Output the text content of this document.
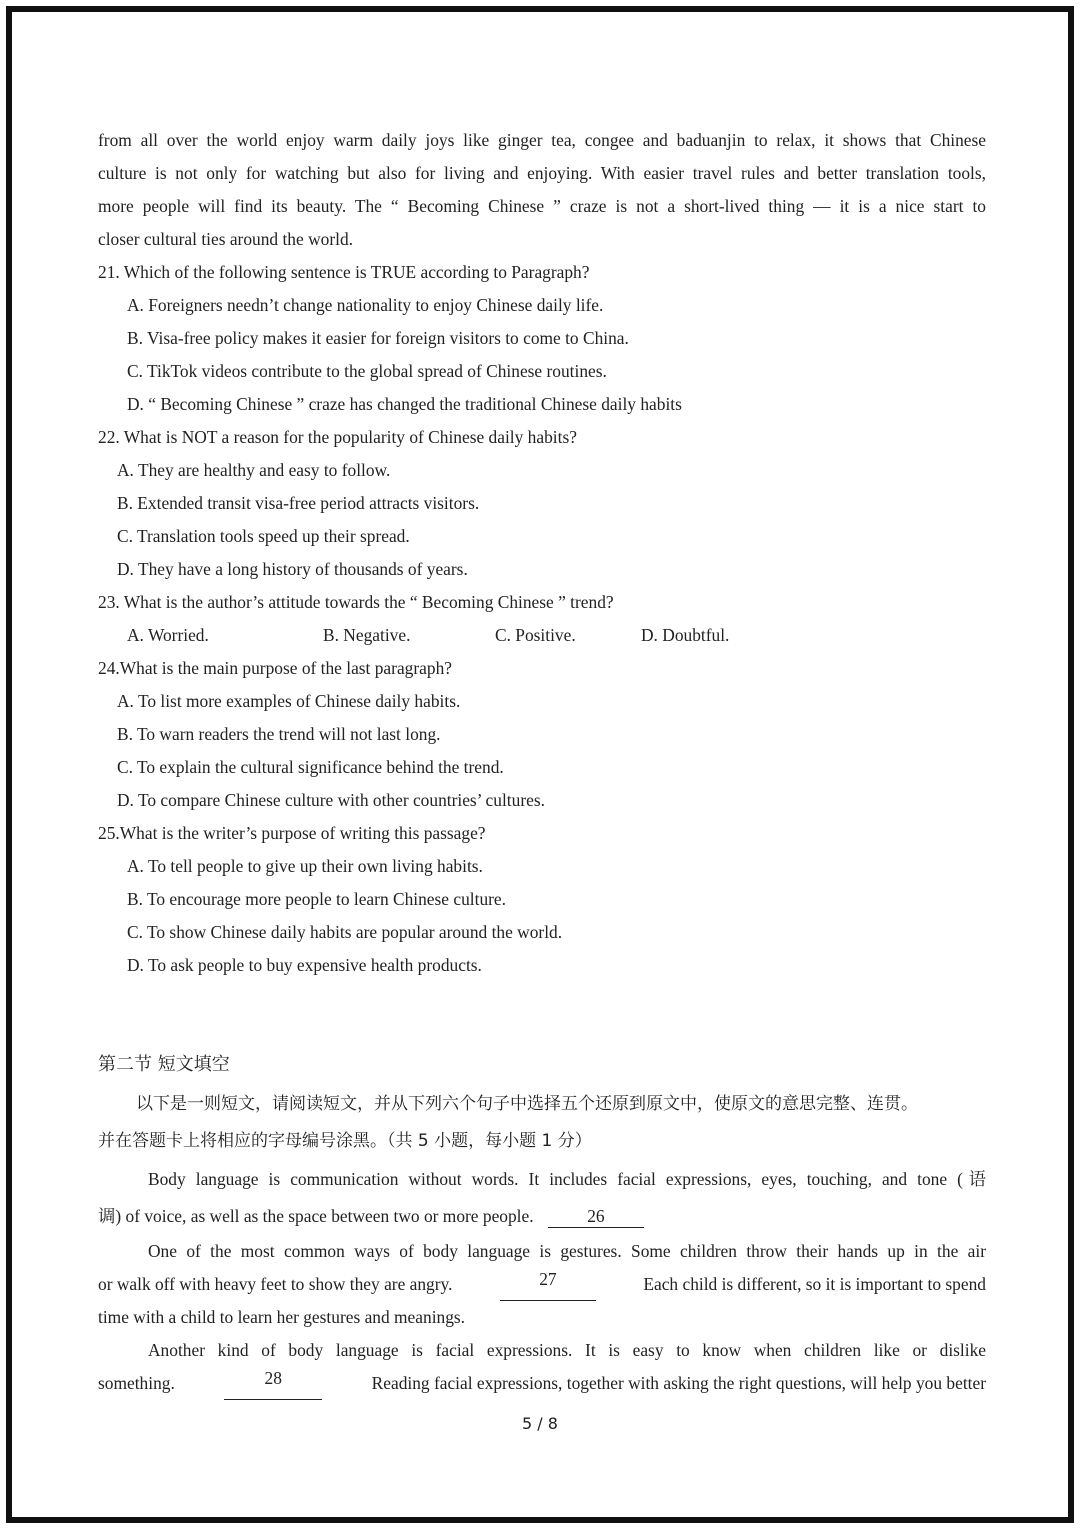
from all over the world enjoy warm daily joys like ginger tea, congee and baduanjin to relax, it shows that Chinese
culture is not only for watching but also for living and enjoying. With easier travel rules and better translation tools,
more people will find its beauty. The “ Becoming Chinese ” craze is not a short-lived thing — it is a nice start to
closer cultural ties around the world.
21. Which of the following sentence is TRUE according to Paragraph?
A. Foreigners needn’t change nationality to enjoy Chinese daily life.
B. Visa-free policy makes it easier for foreign visitors to come to China.
C. TikTok videos contribute to the global spread of Chinese routines.
D. “ Becoming Chinese ” craze has changed the traditional Chinese daily habits
22. What is NOT a reason for the popularity of Chinese daily habits?
A. They are healthy and easy to follow.
B. Extended transit visa-free period attracts visitors.
C. Translation tools speed up their spread.
D. They have a long history of thousands of years.
23. What is the author’s attitude towards the “ Becoming Chinese ” trend?
A. Worried.	B. Negative.	C. Positive.	D. Doubtful.
24.What is the main purpose of the last paragraph?
A. To list more examples of Chinese daily habits.
B. To warn readers the trend will not last long.
C. To explain the cultural significance behind the trend.
D. To compare Chinese culture with other countries’ cultures.
25.What is the writer’s purpose of writing this passage?
A. To tell people to give up their own living habits.
B. To encourage more people to learn Chinese culture.
C. To show Chinese daily habits are popular around the world.
D. To ask people to buy expensive health products.
第二节 短文填空
以下是一则短文，请阅读短文，并从下列六个句子中选择五个还原到原文中，使原文的意思完整、连贯。
并在答题卡上将相应的字母编号涂黑。（共 5 小题，每小题 1 分）
Body language is communication without words. It includes facial expressions, eyes, touching, and tone (语
调) of voice, as well as the space between two or more people.	26
One of the most common ways of body language is gestures. Some children throw their hands up in the air
or walk off with heavy feet to show they are angry.	27	Each child is different, so it is important to spend
time with a child to learn her gestures and meanings.
Another kind of body language is facial expressions. It is easy to know when children like or dislike
something.	28	Reading facial expressions, together with asking the right questions, will help you better
5 / 8
